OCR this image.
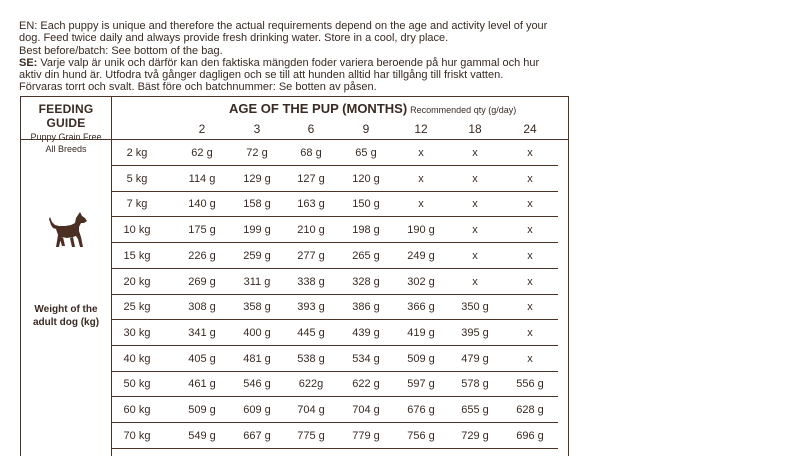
EN: Each puppy is unique and therefore the actual requirements depend on the age and activity level of your

dog. Feed twice daily and always provide fresh drinking water. Store in a cool, dry place.

Best before/batch: See bottom of the bag.

SE: Varje valp är unik och därför kan den faktiska mängden foder variera beroende på hur gammal och hur

aktiv din hund är. Utfodra två gånger dagligen och se till att hunden alltid har tillgång till friskt vatten.

Förvaras torrt och svalt. Bäst före och batchnummer: Se botten av påsen.

FEEDING GUIDE
Puppy Grain Free
All Breeds
AGE OF THE PUP (MONTHS) Recommended qty (g/day)
2	3	6	9	12	18	24
Weight of the
adult dog (kg)
2 kg	62 g	72 g	68 g	65 g	x	x	x
5 kg	114 g	129 g	127 g	120 g	x	x	x
7 kg	140 g	158 g	163 g	150 g	x	x	x
10 kg	175 g	199 g	210 g	198 g	190 g	x	x
15 kg	226 g	259 g	277 g	265 g	249 g	x	x
20 kg	269 g	311 g	338 g	328 g	302 g	x	x
25 kg	308 g	358 g	393 g	386 g	366 g	350 g	x
30 kg	341 g	400 g	445 g	439 g	419 g	395 g	x
40 kg	405 g	481 g	538 g	534 g	509 g	479 g	x
50 kg	461 g	546 g	622g	622 g	597 g	578 g	556 g
60 kg	509 g	609 g	704 g	704 g	676 g	655 g	628 g
70 kg	549 g	667 g	775 g	779 g	756 g	729 g	696 g
